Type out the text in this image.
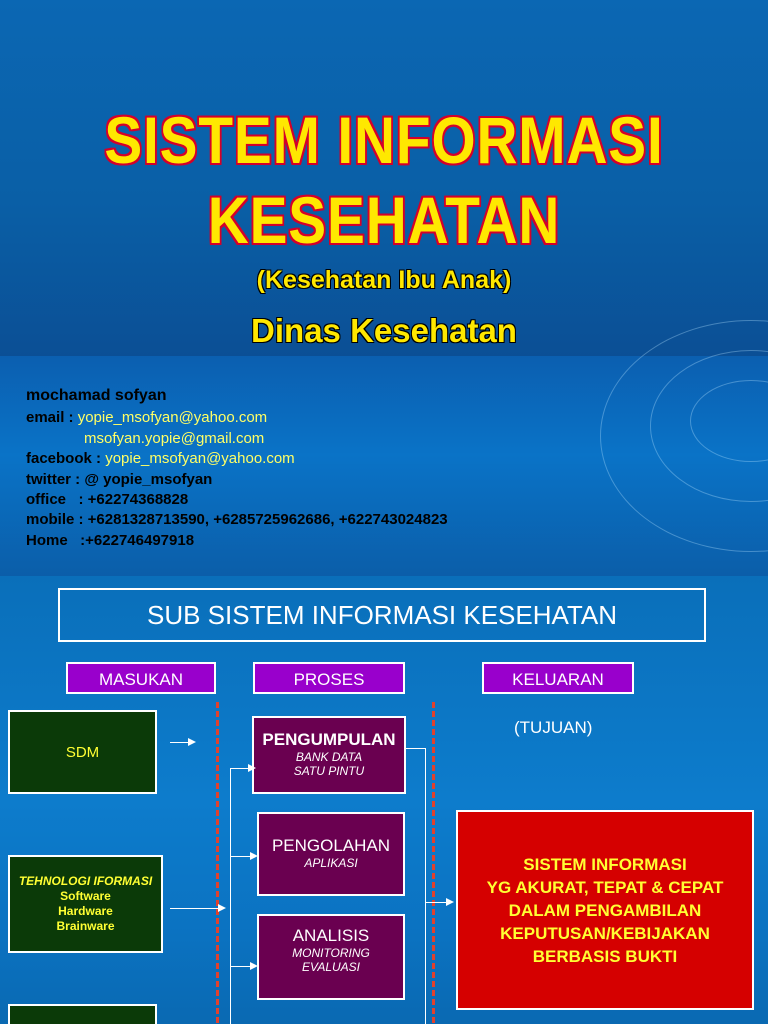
SISTEM INFORMASI
KESEHATAN
(Kesehatan Ibu Anak)
Dinas Kesehatan
mochamad sofyan
email : yopie_msofyan@yahoo.com
msofyan.yopie@gmail.com
facebook : yopie_msofyan@yahoo.com
twitter : @ yopie_msofyan
office   : +62274368828
mobile : +6281328713590, +6285725962686, +622743024823
Home   :+622746497918
SUB SISTEM INFORMASI KESEHATAN
MASUKAN	PROSES	KELUARAN
(TUJUAN)
SDM
TEHNOLOGI IFORMASI
Software
Hardware
Brainware
PENGUMPULAN
BANK DATA
SATU PINTU
PENGOLAHAN
APLIKASI
ANALISIS
MONITORING
EVALUASI
SISTEM INFORMASI
YG AKURAT, TEPAT & CEPAT
DALAM PENGAMBILAN
KEPUTUSAN/KEBIJAKAN
BERBASIS BUKTI
